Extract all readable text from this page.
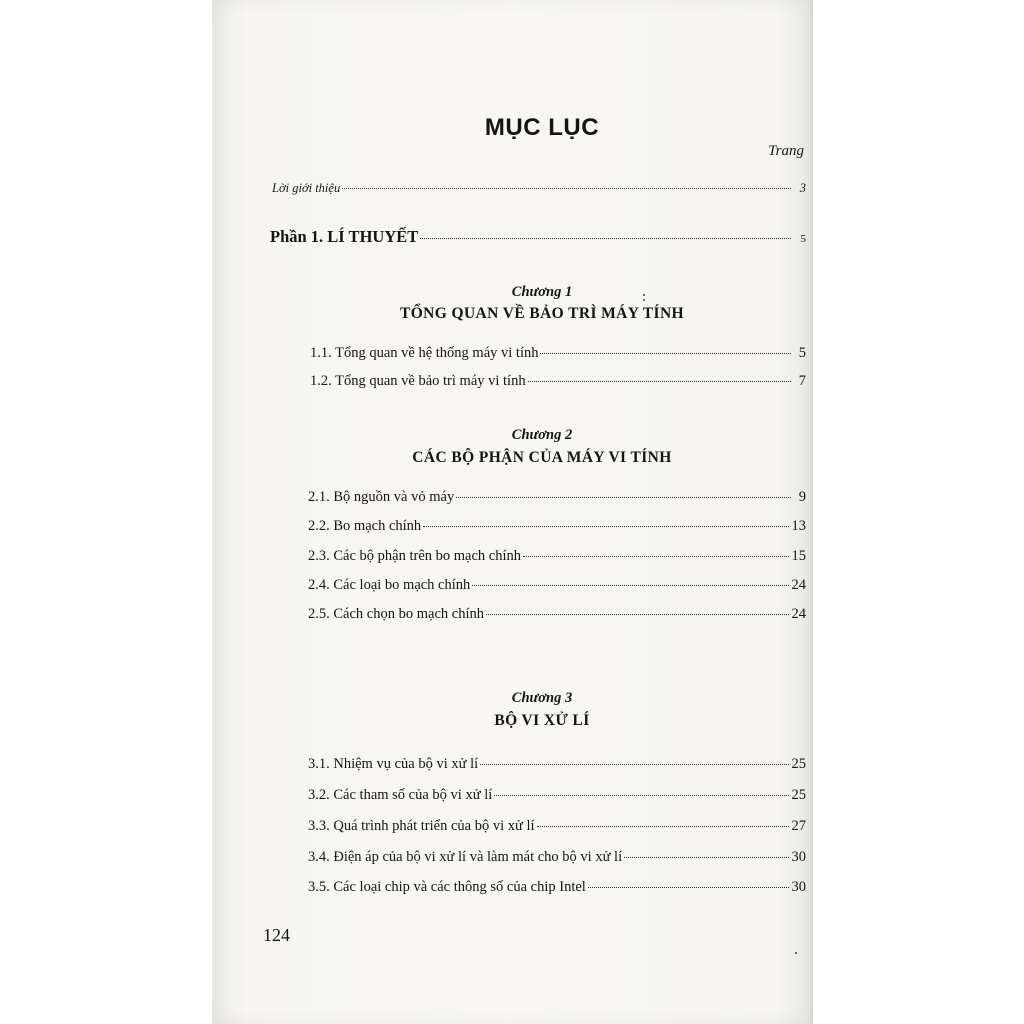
MỤC LỤC
Trang
Lời giới thiệu	3
Phần 1. LÍ THUYẾT	5
Chương 1
TỔNG QUAN VỀ BẢO TRÌ MÁY TÍNH
1.1. Tổng quan về hệ thống máy vi tính	5
1.2. Tổng quan về bảo trì máy vi tính	7
Chương 2
CÁC BỘ PHẬN CỦA MÁY VI TÍNH
2.1. Bộ nguồn và vỏ máy	9
2.2. Bo mạch chính	13
2.3. Các bộ phận trên bo mạch chính	15
2.4. Các loại bo mạch chính	24
2.5. Cách chọn bo mạch chính	24
Chương 3
BỘ VI XỬ LÍ
3.1. Nhiệm vụ của bộ vi xử lí	25
3.2. Các tham số của bộ vi xử lí	25
3.3. Quá trình phát triển của bộ vi xử lí	27
3.4. Điện áp của bộ vi xử lí và làm mát cho bộ vi xử lí	30
3.5. Các loại chip và các thông số của chip Intel	30
124
